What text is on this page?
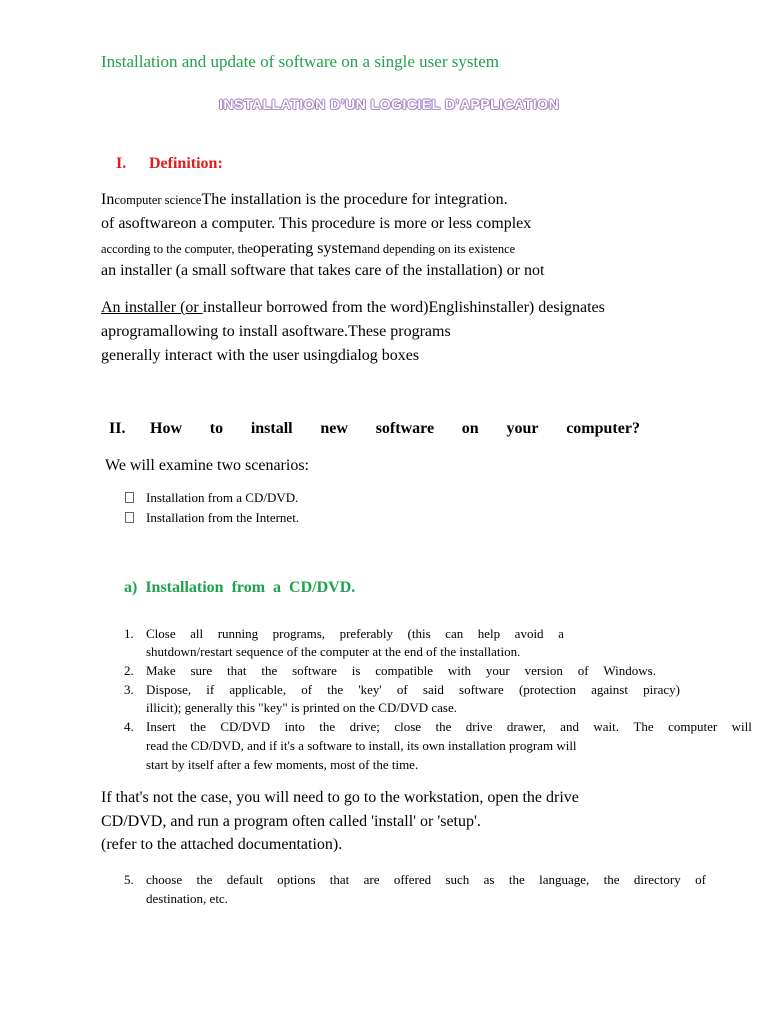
Installation and update of software on a single user system
INSTALLATION D’UN LOGICIEL D’APPLICATION
I. Definition:
Incomputer scienceThe installation is the procedure for integration.
of asoftwareon a computer. This procedure is more or less complex
according to the computer, theoperating systemand depending on its existence
an installer (a small software that takes care of the installation) or not
An installer (or installeur borrowed from the word)Englishinstaller) designates
aprogramallowing to install asoftware.These programs
generally interact with the user usingdialog boxes
II. How to install new software on your computer?
We will examine two scenarios:
Installation from a CD/DVD.
Installation from the Internet.
a)  Installation  from  a  CD/DVD.
1. Close all running programs, preferably (this can help avoid a
shutdown/restart sequence of the computer at the end of the installation.
2. Make sure that the software is compatible with your version of Windows.
3. Dispose, if applicable, of the 'key' of said software (protection against piracy)
illicit); generally this "key" is printed on the CD/DVD case.
4. Insert the CD/DVD into the drive; close the drive drawer, and wait. The computer will
read the CD/DVD, and if it's a software to install, its own installation program will
start by itself after a few moments, most of the time.
If that's not the case, you will need to go to the workstation, open the drive
CD/DVD, and run a program often called 'install' or 'setup'.
(refer to the attached documentation).
5. choose the default options that are offered such as the language, the directory of
destination, etc.
